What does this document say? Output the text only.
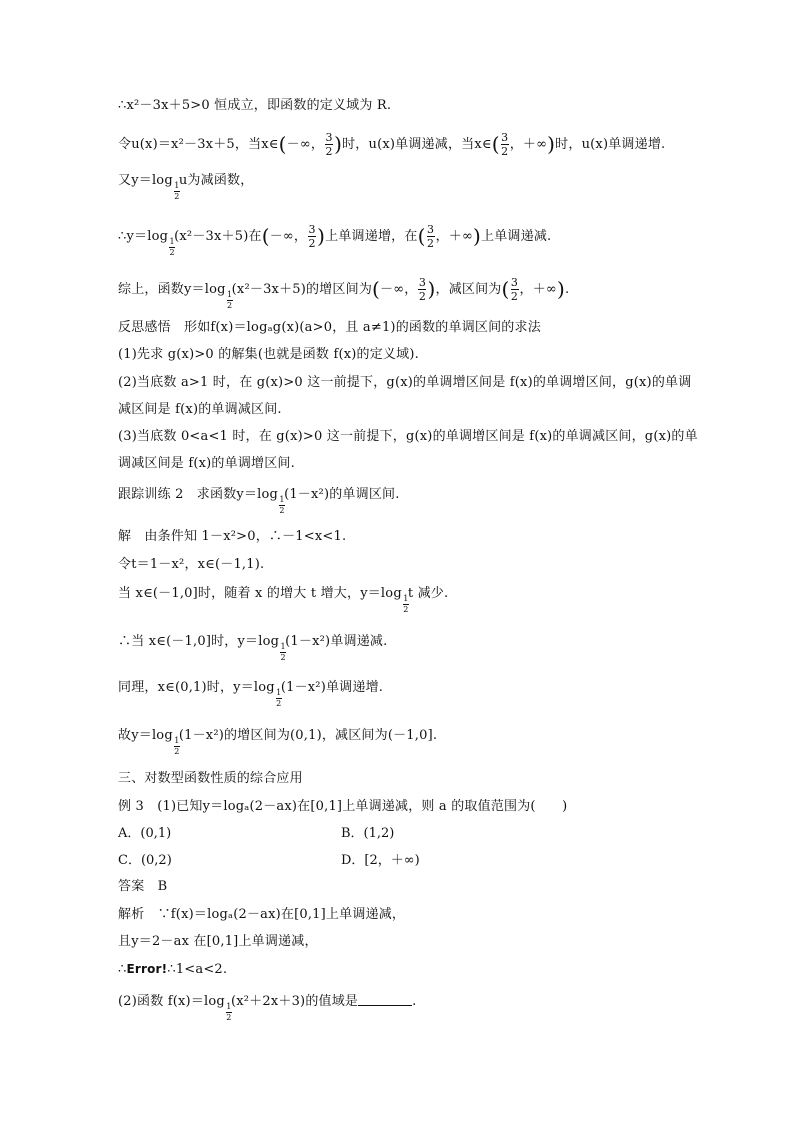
∴x²－3x＋5>0 恒成立，即函数的定义域为 R.
令u(x)＝x²－3x＋5，当x∈(－∞，$\frac{3}{2}$)时，u(x)单调递减，当$x\in(\frac{3}{2}$，＋∞)时，u(x)单调递增.
又y＝log 1
2
u为减函数，
∴y＝log 1
2
(x²－3x＋5)在(－∞，$\frac{3}{2}$)上单调递增，在($\frac{3}{2}$，＋∞)上单调递减.
综上，函数y＝log 1
2
(x²－3x＋5)的增区间为(－∞，$\frac{3}{2}$)，减区间为($\frac{3}{2}$，＋∞).
反思感悟　形如f(x)＝logₐg(x)(a>0，且 a≠1)的函数的单调区间的求法
(1)先求 g(x)>0 的解集(也就是函数 f(x)的定义域).
(2)当底数 a>1 时，在 g(x)>0 这一前提下，g(x)的单调增区间是 f(x)的单调增区间，g(x)的单调
减区间是 f(x)的单调减区间.
(3)当底数 0<a<1 时，在 g(x)>0 这一前提下，g(x)的单调增区间是 f(x)的单调减区间，g(x)的单
调减区间是 f(x)的单调增区间.
跟踪训练 2　求函数y＝log 1
2
(1－x²)的单调区间.
解　由条件知 1－x²>0，∴－1<x<1.
令t＝1－x²，x∈(－1,1).
当 x∈(－1,0]时，随着 x 的增大 t 增大，y＝log 1
2
t 减少.
∴当 x∈(－1,0]时，y＝log 1
2
(1－x²)单调递减.
同理，x∈(0,1)时，y＝log 1
2
(1－x²)单调递增.
故y＝log 1
2
(1－x²)的增区间为(0,1)，减区间为(－1,0].
三、对数型函数性质的综合应用
例 3　(1)已知y＝logₐ(2－ax)在[0,1]上单调递减，则 a 的取值范围为(　　)
A．(0,1)	B．(1,2)
C．(0,2)	D．[2，＋∞)
答案　B
解析　∵f(x)＝logₐ(2－ax)在[0,1]上单调递减，
且y＝2－ax 在[0,1]上单调递减，
∴Error!∴1<a<2.
(2)函数 f(x)＝log 1
2
(x²＋2x＋3)的值域是	.
